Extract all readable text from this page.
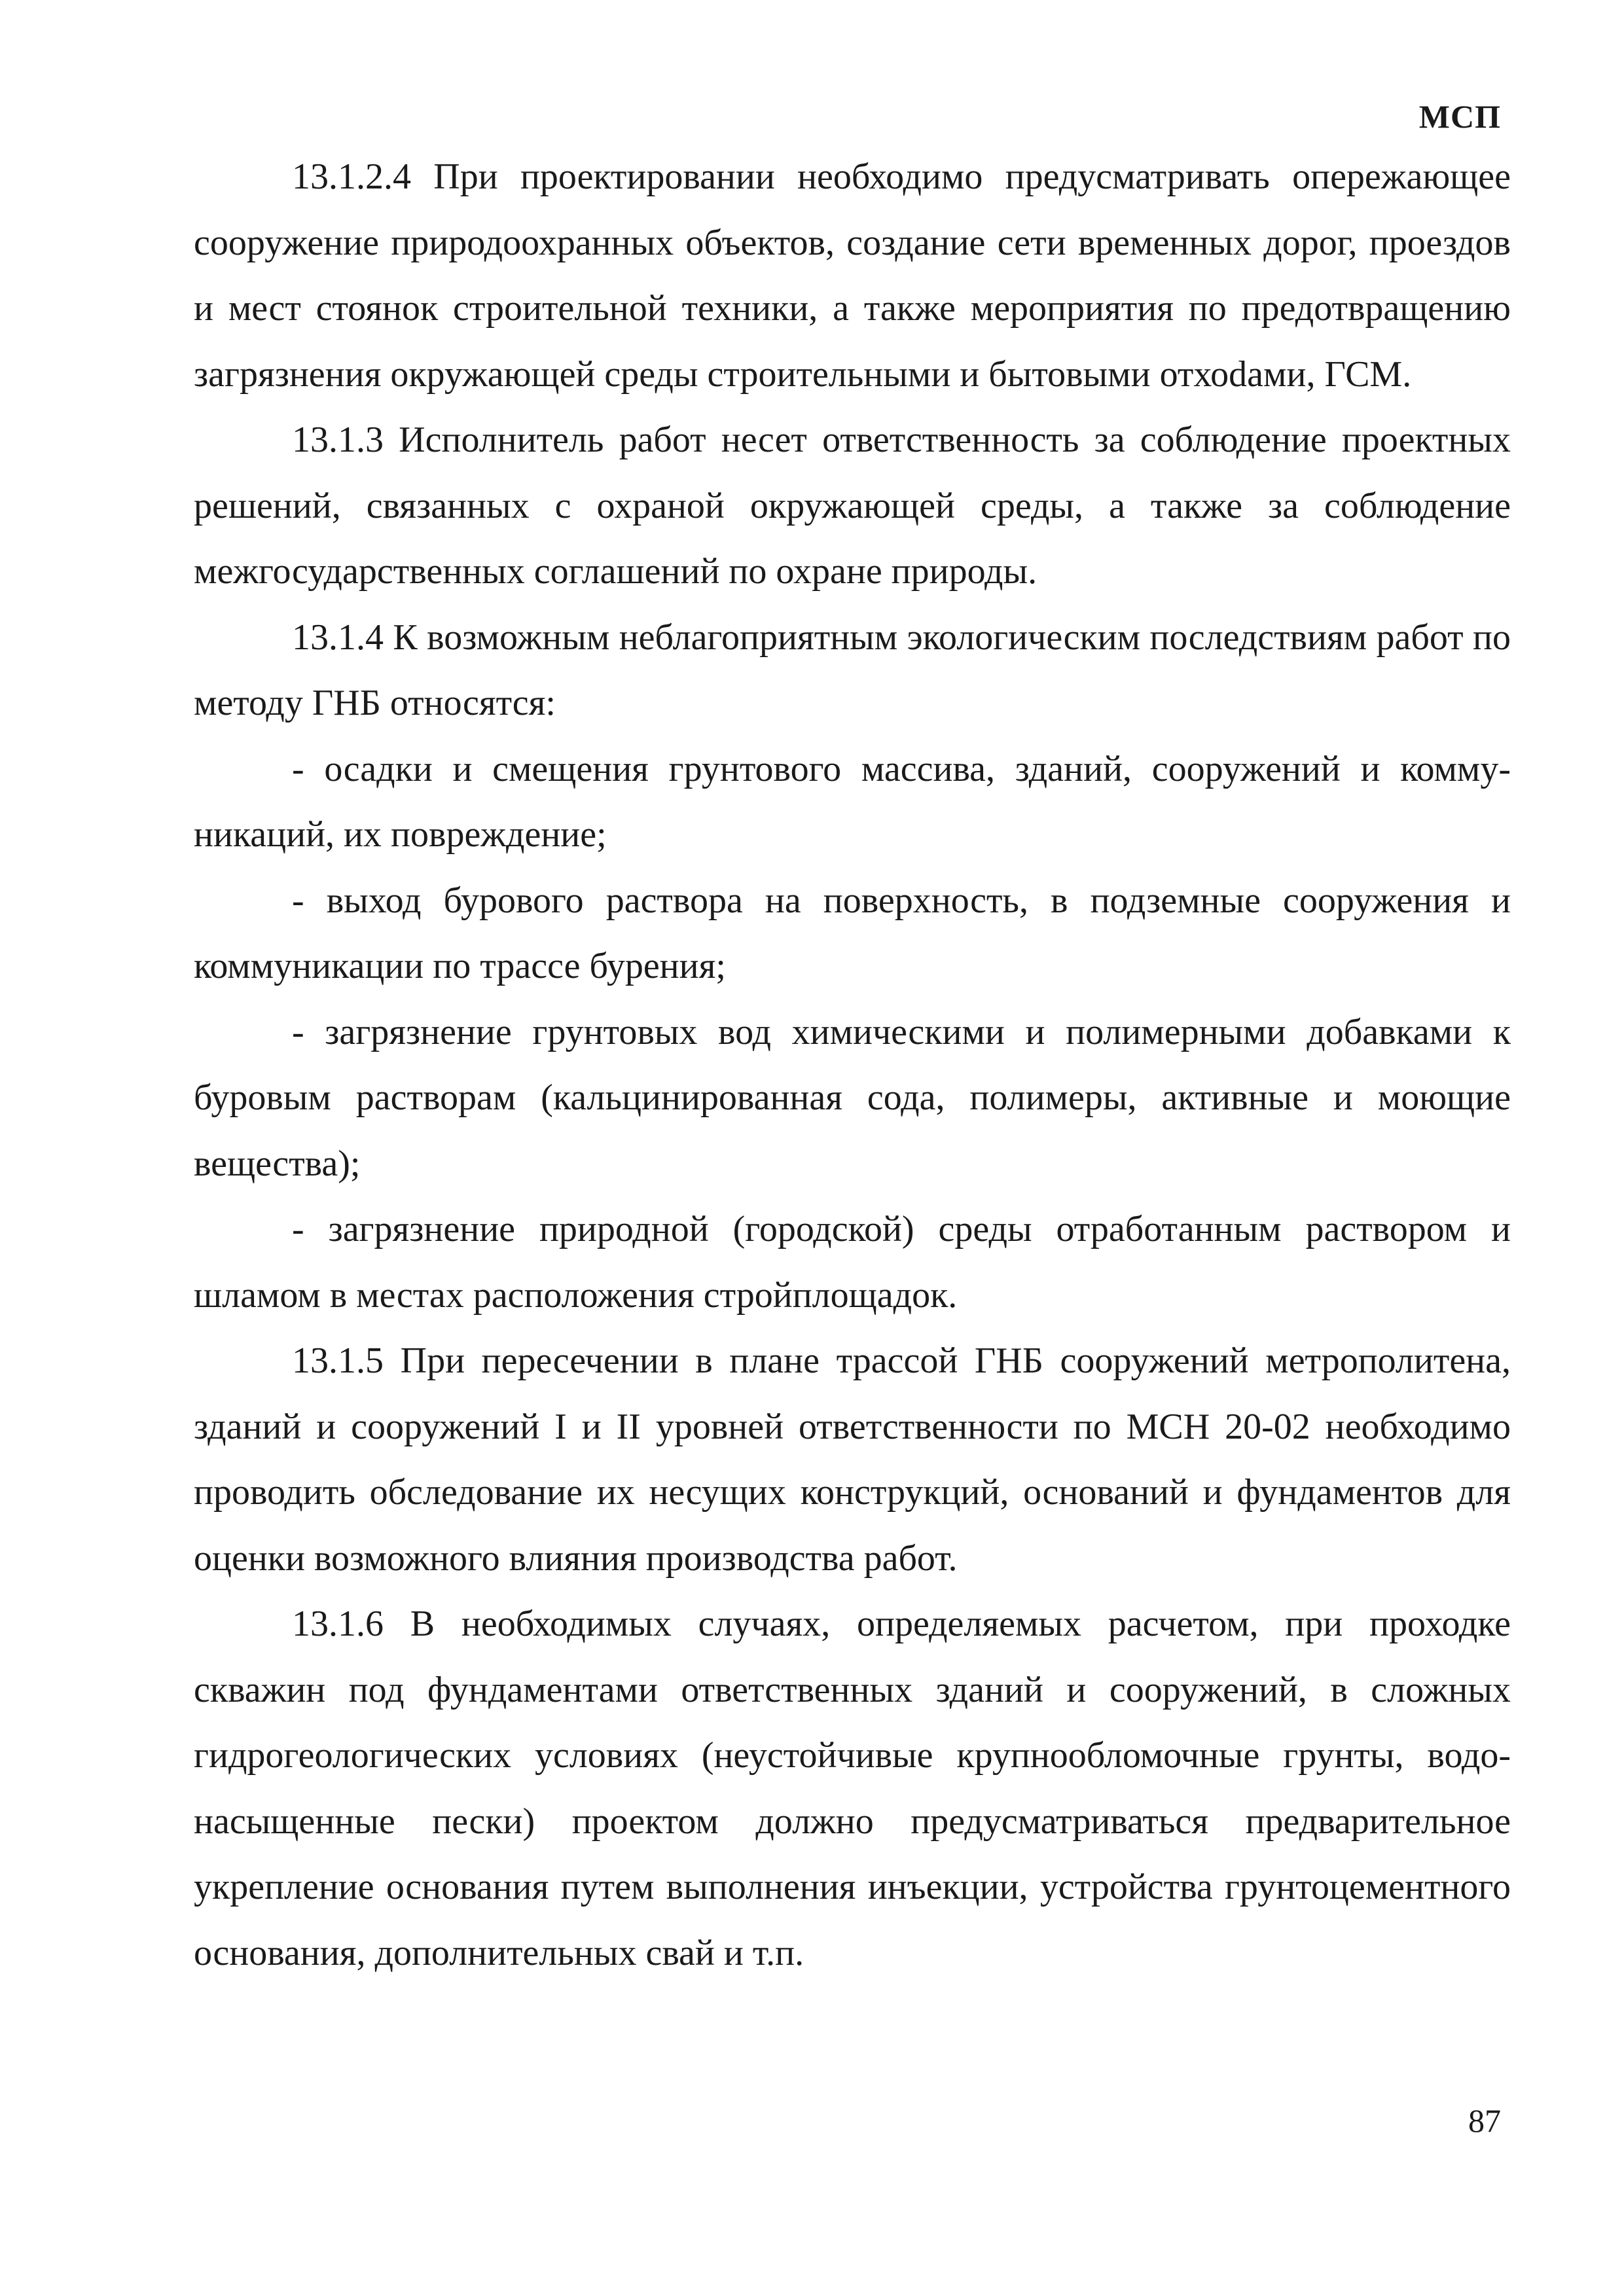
МСП

13.1.2.4 При проектировании необходимо предусматривать опережающее сооружение природоохранных объектов, создание сети временных дорог, проездов и мест стоянок строительной техники, а также мероприятия по предотвращению загрязнения окружающей среды строительными и бытовыми отхоdами, ГСМ.

13.1.3 Исполнитель работ несет ответственность за соблюдение проектных решений, связанных с охраной окружающей среды, а также за соблюдение межгосударственных соглашений по охране природы.

13.1.4 К возможным неблагоприятным экологическим последствиям работ по методу ГНБ относятся:

- осадки и смещения грунтового массива, зданий, сооружений и коммуникаций, их повреждение;

- выход бурового раствора на поверхность, в подземные сооружения и коммуникации по трассе бурения;

- загрязнение грунтовых вод химическими и полимерными добавками к буровым растворам (кальцинированная сода, полимеры, активные и моющие вещества);

- загрязнение природной (городской) среды отработанным раствором и шламом в местах расположения стройплощадок.

13.1.5 При пересечении в плане трассой ГНБ сооружений метрополитена, зданий и сооружений I и II уровней ответственности по МСН 20-02 необходимо проводить обследование их несущих конструкций, оснований и фундаментов для оценки возможного влияния производства работ.

13.1.6 В необходимых случаях, определяемых расчетом, при проходке скважин под фундаментами ответственных зданий и сооружений, в сложных гидрогеологических условиях (неустойчивые крупнообломочные грунты, водонасыщенные пески) проектом должно предусматриваться предварительное укрепление основания путем выполнения инъекции, устройства грунтоцементного основания, дополнительных свай и т.п.

87
